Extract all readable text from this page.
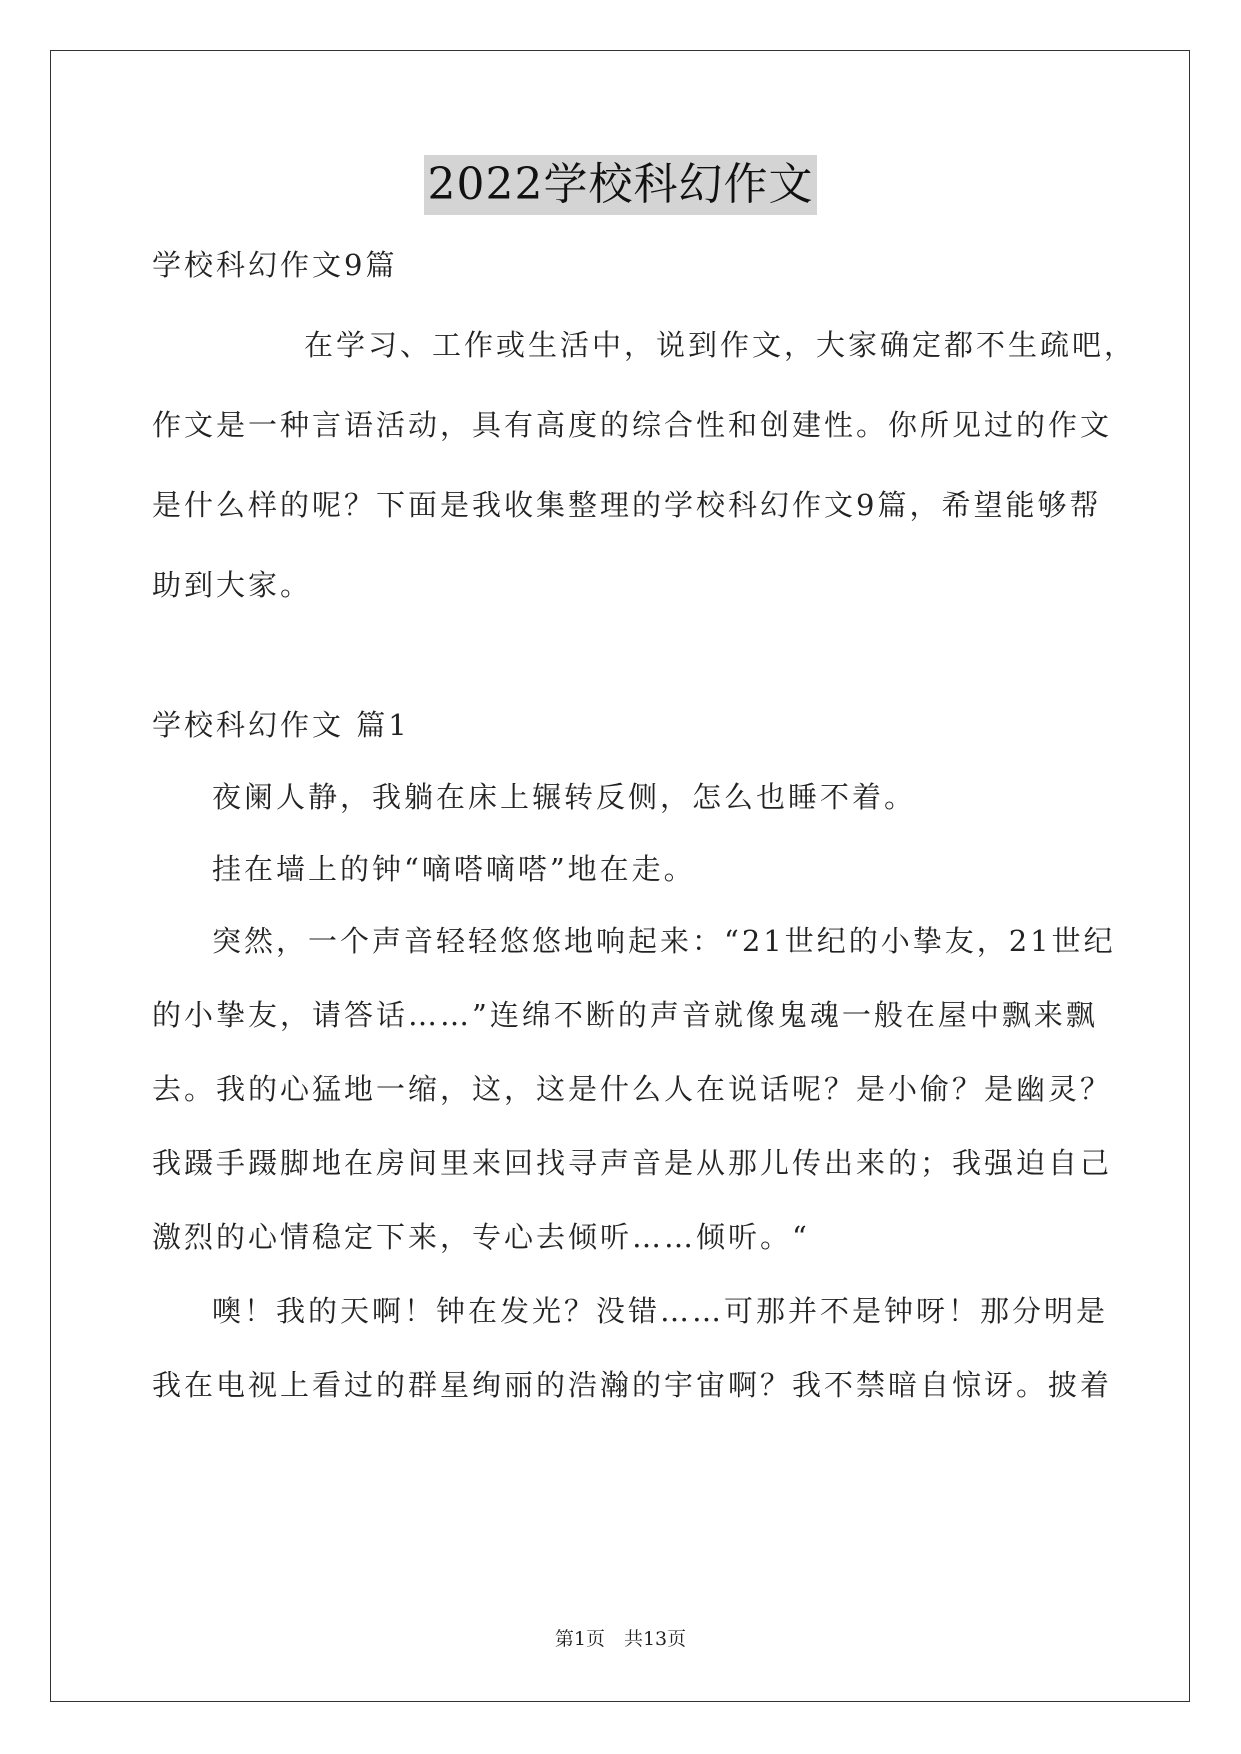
2022学校科幻作文
学校科幻作文9篇
　　在学习、工作或生活中，说到作文，大家确定都不生疏吧，
作文是一种言语活动，具有高度的综合性和创建性。你所见过的作文
是什么样的呢？下面是我收集整理的学校科幻作文9篇，希望能够帮
助到大家。
学校科幻作文 篇1
夜阑人静，我躺在床上辗转反侧，怎么也睡不着。
挂在墙上的钟“嘀嗒嘀嗒”地在走。
突然，一个声音轻轻悠悠地响起来：“21世纪的小挚友，21世纪
的小挚友，请答话……”连绵不断的声音就像鬼魂一般在屋中飘来飘
去。我的心猛地一缩，这，这是什么人在说话呢？是小偷？是幽灵？
我蹑手蹑脚地在房间里来回找寻声音是从那儿传出来的；我强迫自己
激烈的心情稳定下来，专心去倾听……倾听。“
噢！我的天啊！钟在发光？没错……可那并不是钟呀！那分明是
我在电视上看过的群星绚丽的浩瀚的宇宙啊？我不禁暗自惊讶。披着
第1页　共13页
